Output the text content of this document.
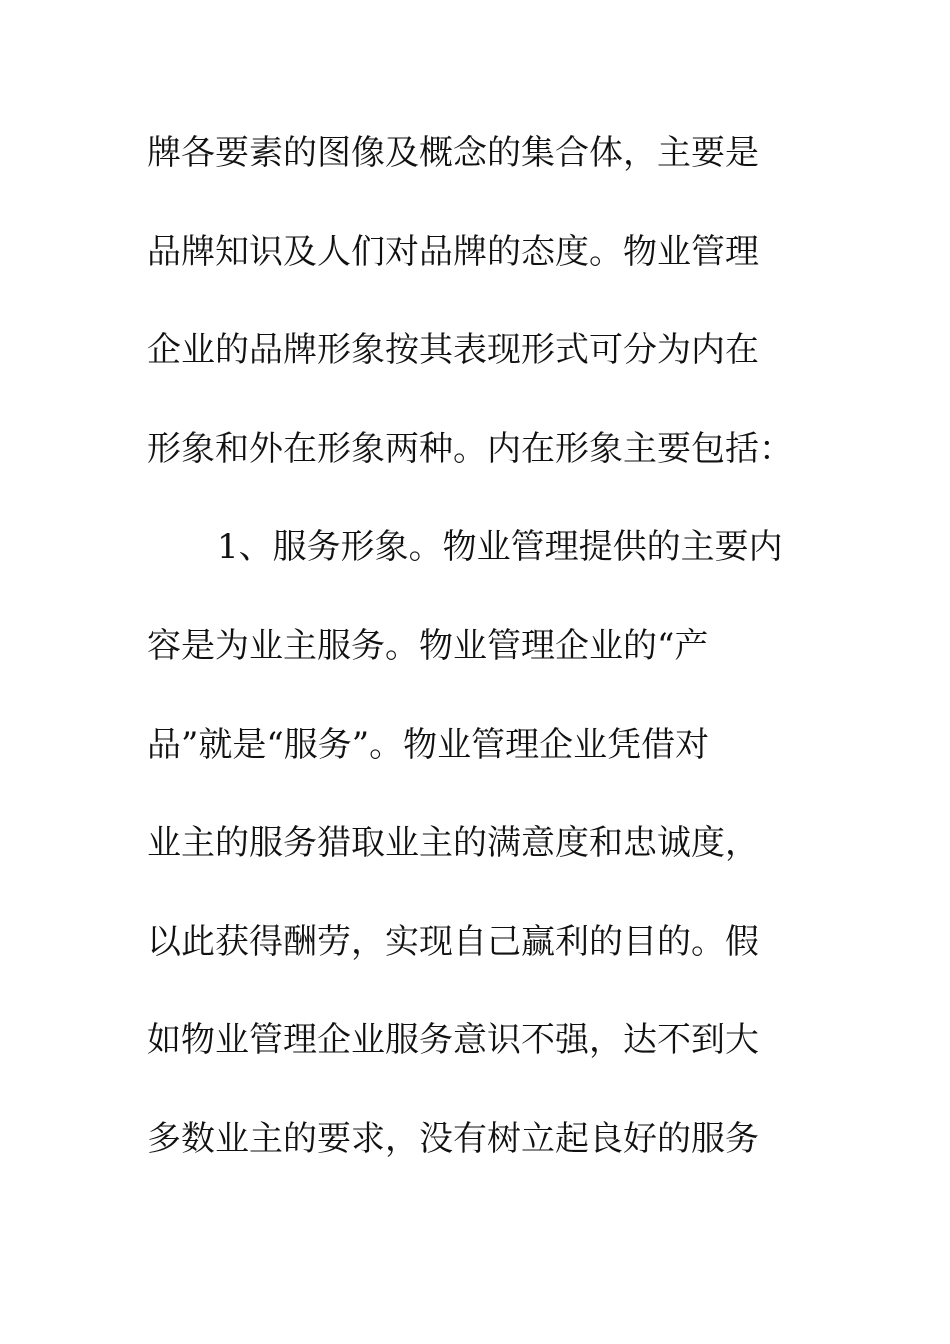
牌各要素的图像及概念的集合体，主要是
品牌知识及人们对品牌的态度。物业管理
企业的品牌形象按其表现形式可分为内在
形象和外在形象两种。内在形象主要包括：
1、服务形象。物业管理提供的主要内
容是为业主服务。物业管理企业的“产
品”就是“服务”。物业管理企业凭借对
业主的服务猎取业主的满意度和忠诚度，
以此获得酬劳，实现自己赢利的目的。假
如物业管理企业服务意识不强，达不到大
多数业主的要求，没有树立起良好的服务
